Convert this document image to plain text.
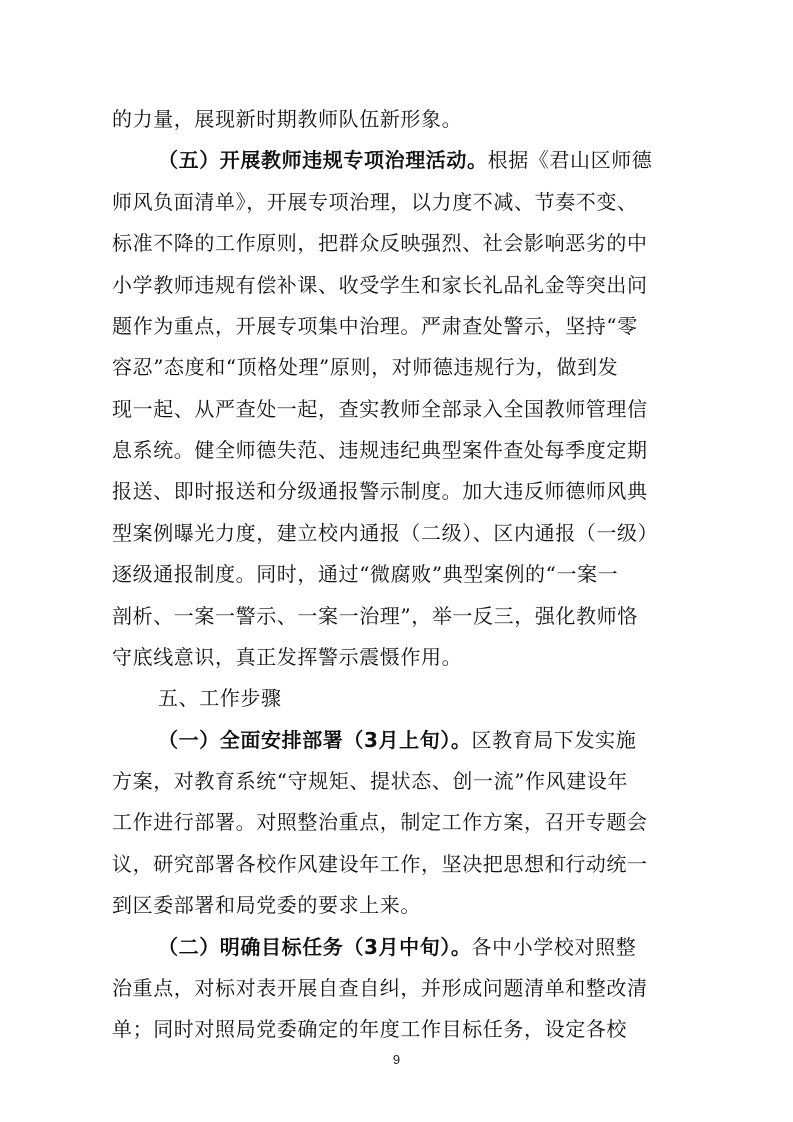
的力量，展现新时期教师队伍新形象。
（五）开展教师违规专项治理活动。根据《君山区师德
师风负面清单》，开展专项治理，以力度不减、节奏不变、
标准不降的工作原则，把群众反映强烈、社会影响恶劣的中
小学教师违规有偿补课、收受学生和家长礼品礼金等突出问
题作为重点，开展专项集中治理。严肃查处警示，坚持“零
容忍”态度和“顶格处理”原则，对师德违规行为，做到发
现一起、从严查处一起，查实教师全部录入全国教师管理信
息系统。健全师德失范、违规违纪典型案件查处每季度定期
报送、即时报送和分级通报警示制度。加大违反师德师风典
型案例曝光力度，建立校内通报（二级）、区内通报（一级）
逐级通报制度。同时，通过“微腐败”典型案例的“一案一
剖析、一案一警示、一案一治理”，举一反三，强化教师恪
守底线意识，真正发挥警示震慑作用。
五、工作步骤
（一）全面安排部署（3月上旬）。区教育局下发实施
方案，对教育系统“守规矩、提状态、创一流”作风建设年
工作进行部署。对照整治重点，制定工作方案，召开专题会
议，研究部署各校作风建设年工作，坚决把思想和行动统一
到区委部署和局党委的要求上来。
9
（二）明确目标任务（3月中旬）。各中小学校对照整
治重点，对标对表开展自查自纠，并形成问题清单和整改清
单；同时对照局党委确定的年度工作目标任务，设定各校
